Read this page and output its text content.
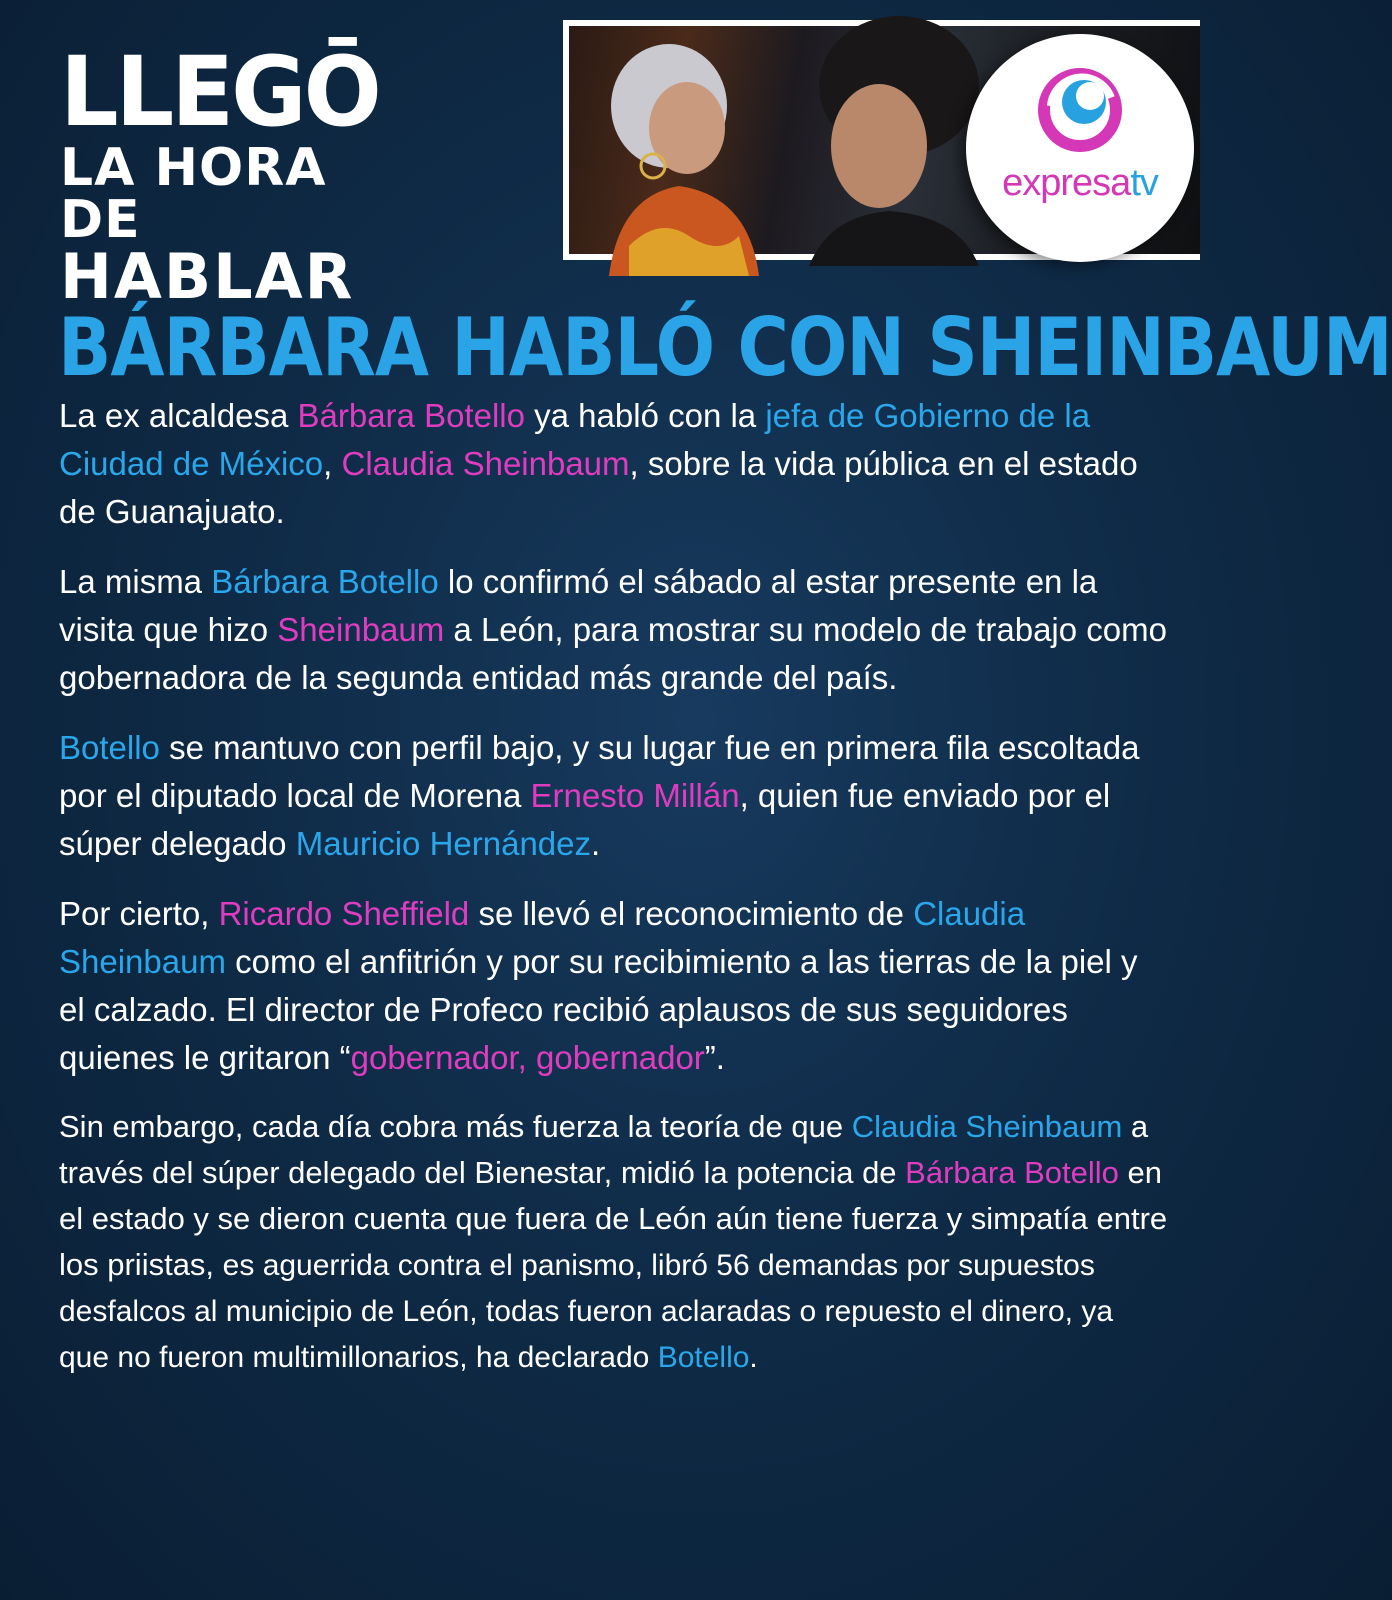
LLEGŌ
LA HORA DE
HABLAR
expresatv
BÁRBARA HABLÓ CON SHEINBAUM

La ex alcaldesa Bárbara Botello ya habló con la jefa de Gobierno de la Ciudad de México, Claudia Sheinbaum, sobre la vida pública en el estado de Guanajuato.

La misma Bárbara Botello lo confirmó el sábado al estar presente en la visita que hizo Sheinbaum a León, para mostrar su modelo de trabajo como gobernadora de la segunda entidad más grande del país.

Botello se mantuvo con perfil bajo, y su lugar fue en primera fila escoltada por el diputado local de Morena Ernesto Millán, quien fue enviado por el súper delegado Mauricio Hernández.

Por cierto, Ricardo Sheffield se llevó el reconocimiento de Claudia Sheinbaum como el anfitrión y por su recibimiento a las tierras de la piel y el calzado. El director de Profeco recibió aplausos de sus seguidores quienes le gritaron “gobernador, gobernador”.

Sin embargo, cada día cobra más fuerza la teoría de que Claudia Sheinbaum a través del súper delegado del Bienestar, midió la potencia de Bárbara Botello en el estado y se dieron cuenta que fuera de León aún tiene fuerza y simpatía entre los priistas, es aguerrida contra el panismo, libró 56 demandas por supuestos desfalcos al municipio de León, todas fueron aclaradas o repuesto el dinero, ya que no fueron multimillonarios, ha declarado Botello.
